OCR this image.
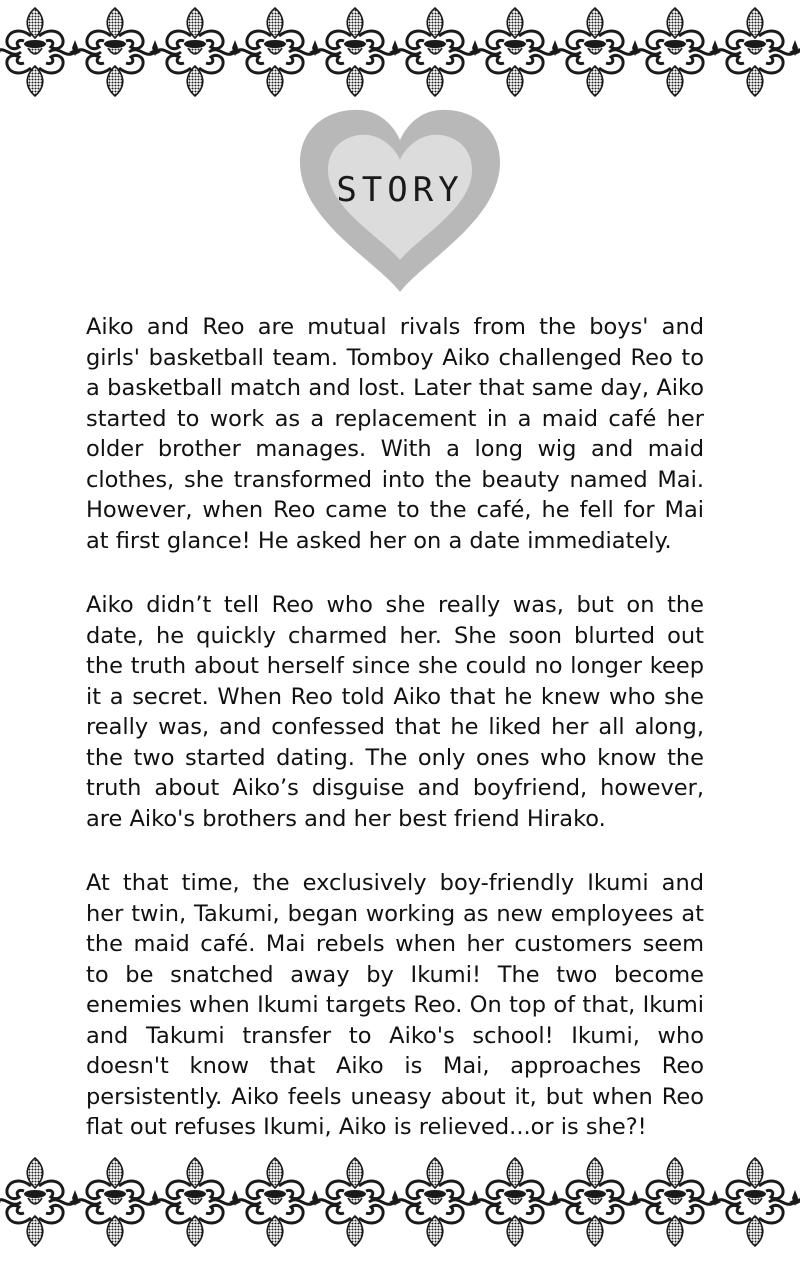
STORY

Aiko and Reo are mutual rivals from the boys' and girls' basketball team. Tomboy Aiko challenged Reo to a basketball match and lost. Later that same day, Aiko started to work as a replacement in a maid café her older brother manages. With a long wig and maid clothes, she transformed into the beauty named Mai. However, when Reo came to the café, he fell for Mai at first glance! He asked her on a date immediately.

Aiko didn’t tell Reo who she really was, but on the date, he quickly charmed her. She soon blurted out the truth about herself since she could no longer keep it a secret. When Reo told Aiko that he knew who she really was, and confessed that he liked her all along, the two started dating. The only ones who know the truth about Aiko’s disguise and boyfriend, however, are Aiko's brothers and her best friend Hirako.

At that time, the exclusively boy-friendly Ikumi and her twin, Takumi, began working as new employees at the maid café. Mai rebels when her customers seem to be snatched away by Ikumi! The two become enemies when Ikumi targets Reo. On top of that, Ikumi and Takumi transfer to Aiko's school! Ikumi, who doesn't know that Aiko is Mai, approaches Reo persistently. Aiko feels uneasy about it, but when Reo flat out refuses Ikumi, Aiko is relieved...or is she?!
